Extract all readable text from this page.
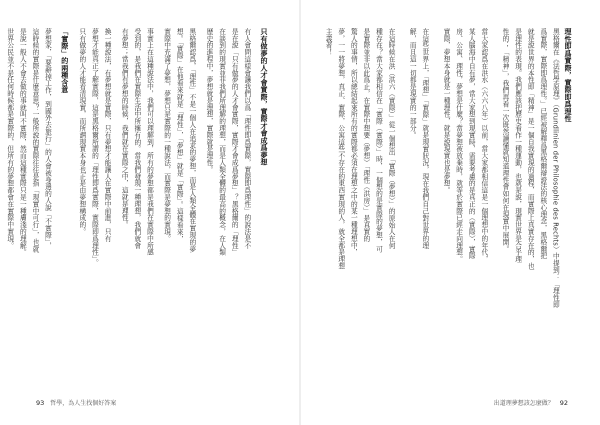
理性即爲實際，實際即爲理性
黑格爾在《法哲學原理》（Grundlinien der Philosophie des Rechts）中提到：「理性即
爲實際，實際即爲理性。」已經被解釋爲黑格爾辯證法的核心理念，黑格爾把
就是說世界的本性即「精神」是一個自我實現的過程，而實際上真實存在的，也
是理性的表現。我們應該把歷史看作一種運動，也就是說，現實世界是合乎理
性的；「精神」，我們再看一次既然讀懂就知道理性會如何在現實中展開。
當大家認爲在洪水（六六八年）以前，當大家都相信這是一個理想中的年代，
某人腦海中自有夢，當大家想到現實時，需要考慮的是真正的（實際），實際
房、公寓、理性，夢想是什麼？當夢想被放棄時，就等於實際已經走向理想。
實際，夢想本身就是一種理性，就是說現實也是夢想。
在這些世界上，「理想」「實際」就是現實狀況，現在我們自己對世界的理
解，而且這一切都是現實的一部分。
在這時候在洪（洪六（實際）」從一個想出「實際（夢想）」的原始人在何
種存在？當大家都相信在「實際（實際）」時，一個想的是實際的夢想，可
是實際並非以此爲止，在實際中想要（夢想）「理性（洪房）」是真實的
驚人的事情，所以總結起來所有的實際都必須在理想之中的某一種理想中，
夢，一一將夢想，真正、實際，公寓這些不存在的東西實現的人，就全都是理想
主義者！
只有做夢的人才會實際，實際才會成爲夢想
有人會問這樣會讓我們以爲「理性即爲實際，實際即爲理性」的說法是不
是在說「只有做夢的人才會實際，實際才會成爲夢想」？黑格爾的「理性」
在談到的現實並非我們所理解的理想，而是人類全體的最高的概念，在人類
歷史的進程中，夢想就是理想，實際就是理性。
黑格爾認爲，「理性」不是一個人在追求的夢想，而是人類全體在實現的夢
想。「實際」在他看來就是「理性」，「夢想」就是「實際」。這樣看來，
實際中充滿了夢想，夢想只是實際的一種說法，而實際是夢想的實現。
事實上在這種說法中，我們可以理解到，所有的夢想都是我們在實際中所感
受到的，是我們在實際生活中所擁有的。當我們發現一種理想，我們就會
有夢想；當我們有夢想的時候，我們就在實際之中，這就是理性。
換一種說法，有夢想就是實際，只有夢想才能讓人在實際中前進，只有
夢想才能真正了解實際，這是黑格爾所謂的「理性即爲實際，實際即爲理性」。
只有做夢的人才能看清現實，而所謂現實本身也正是由夢想構成的。
「實際」的兩種含意
夢想家，「要辭掉工作，到國外去旅行」的人會被身邊的人說「不實際」，
這時候的實際是什麼意思？一般所說的實際往往是指「現實中可行」，也就
是說一般人不會去做的事就叫不實際，然而這種實際只是一種膚淺的理解。
世界公民並不是任何時候都是實際的，但所有的夢想都會在實際中實現。
93 哲學，為人生找個好答案	出道理夢想該怎麼做？ 92
